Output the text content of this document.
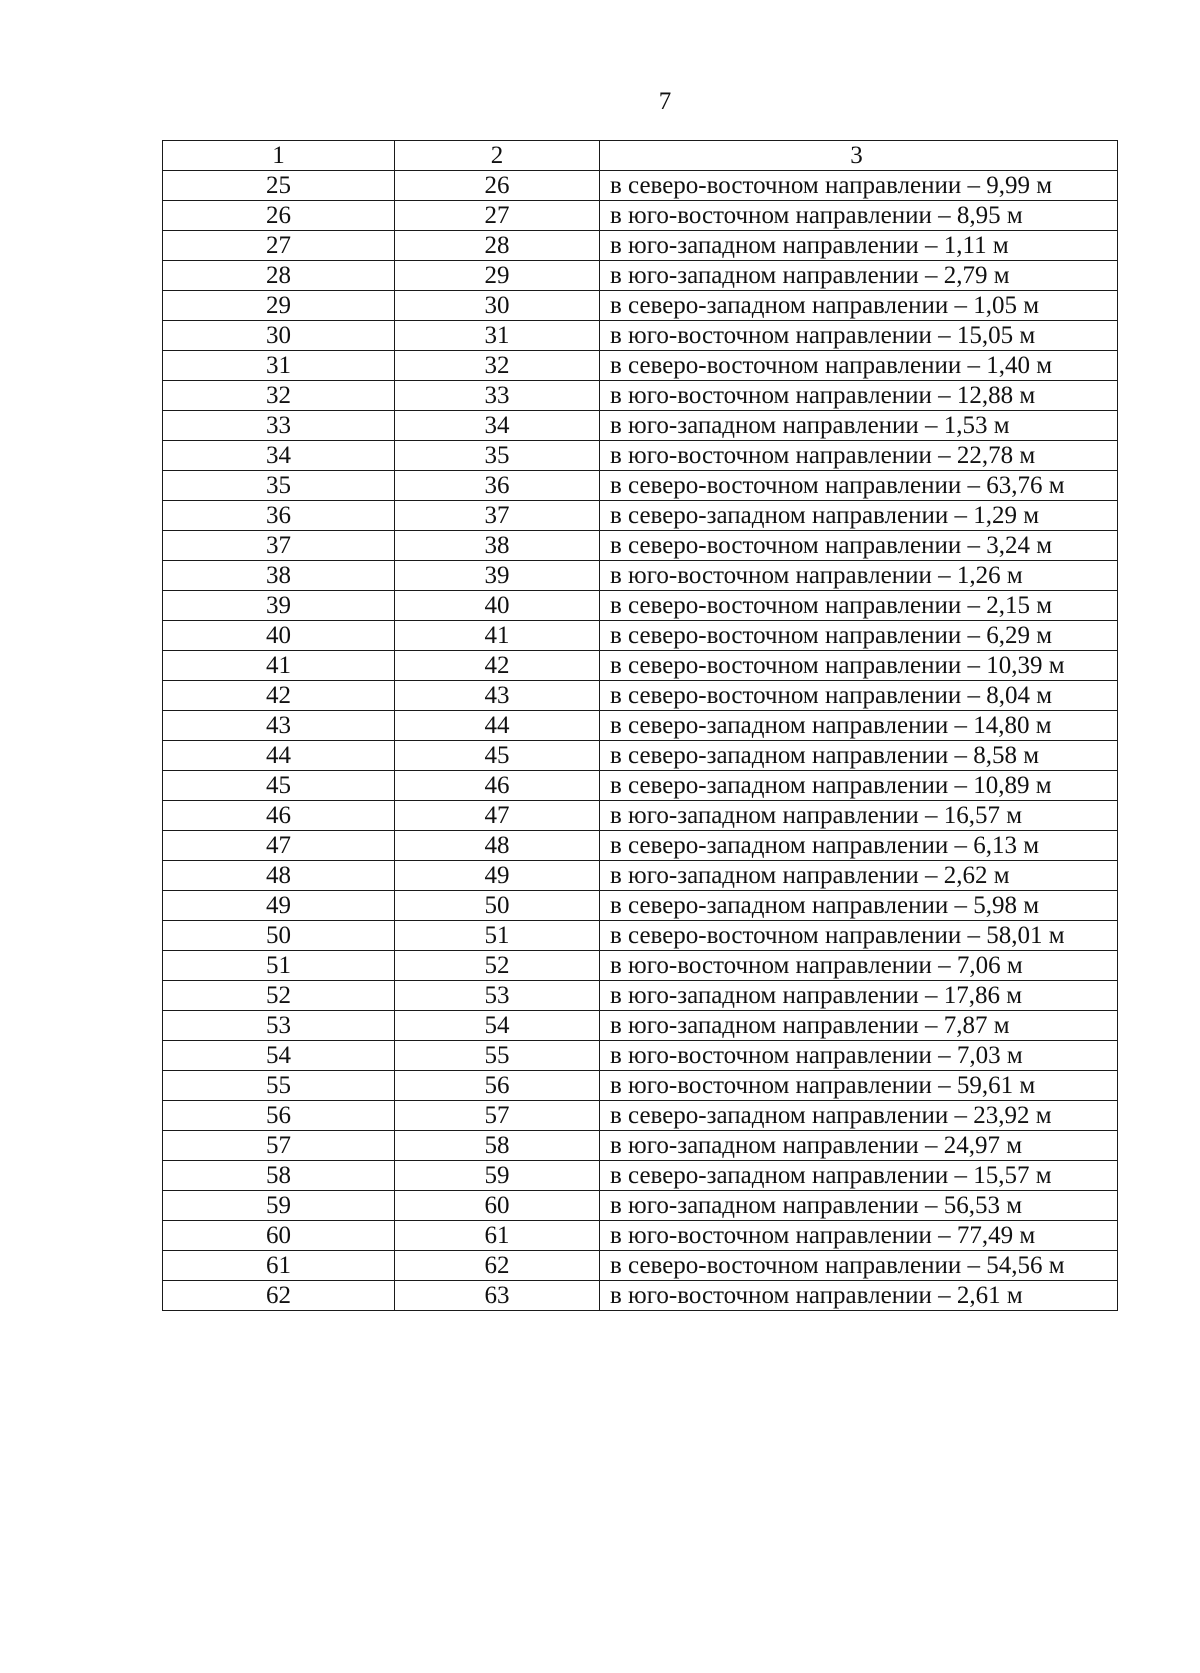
7
1	2	3
25	26	в северо-восточном направлении – 9,99 м
26	27	в юго-восточном направлении – 8,95 м
27	28	в юго-западном направлении – 1,11 м
28	29	в юго-западном направлении – 2,79 м
29	30	в северо-западном направлении – 1,05 м
30	31	в юго-восточном направлении – 15,05 м
31	32	в северо-восточном направлении – 1,40 м
32	33	в юго-восточном направлении – 12,88 м
33	34	в юго-западном направлении – 1,53 м
34	35	в юго-восточном направлении – 22,78 м
35	36	в северо-восточном направлении – 63,76 м
36	37	в северо-западном направлении – 1,29 м
37	38	в северо-восточном направлении – 3,24 м
38	39	в юго-восточном направлении – 1,26 м
39	40	в северо-восточном направлении – 2,15 м
40	41	в северо-восточном направлении – 6,29 м
41	42	в северо-восточном направлении – 10,39 м
42	43	в северо-восточном направлении – 8,04 м
43	44	в северо-западном направлении – 14,80 м
44	45	в северо-западном направлении – 8,58 м
45	46	в северо-западном направлении – 10,89 м
46	47	в юго-западном направлении – 16,57 м
47	48	в северо-западном направлении – 6,13 м
48	49	в юго-западном направлении – 2,62 м
49	50	в северо-западном направлении – 5,98 м
50	51	в северо-восточном направлении – 58,01 м
51	52	в юго-восточном направлении – 7,06 м
52	53	в юго-западном направлении – 17,86 м
53	54	в юго-западном направлении – 7,87 м
54	55	в юго-восточном направлении – 7,03 м
55	56	в юго-восточном направлении – 59,61 м
56	57	в северо-западном направлении – 23,92 м
57	58	в юго-западном направлении – 24,97 м
58	59	в северо-западном направлении – 15,57 м
59	60	в юго-западном направлении – 56,53 м
60	61	в юго-восточном направлении – 77,49 м
61	62	в северо-восточном направлении – 54,56 м
62	63	в юго-восточном направлении – 2,61 м
